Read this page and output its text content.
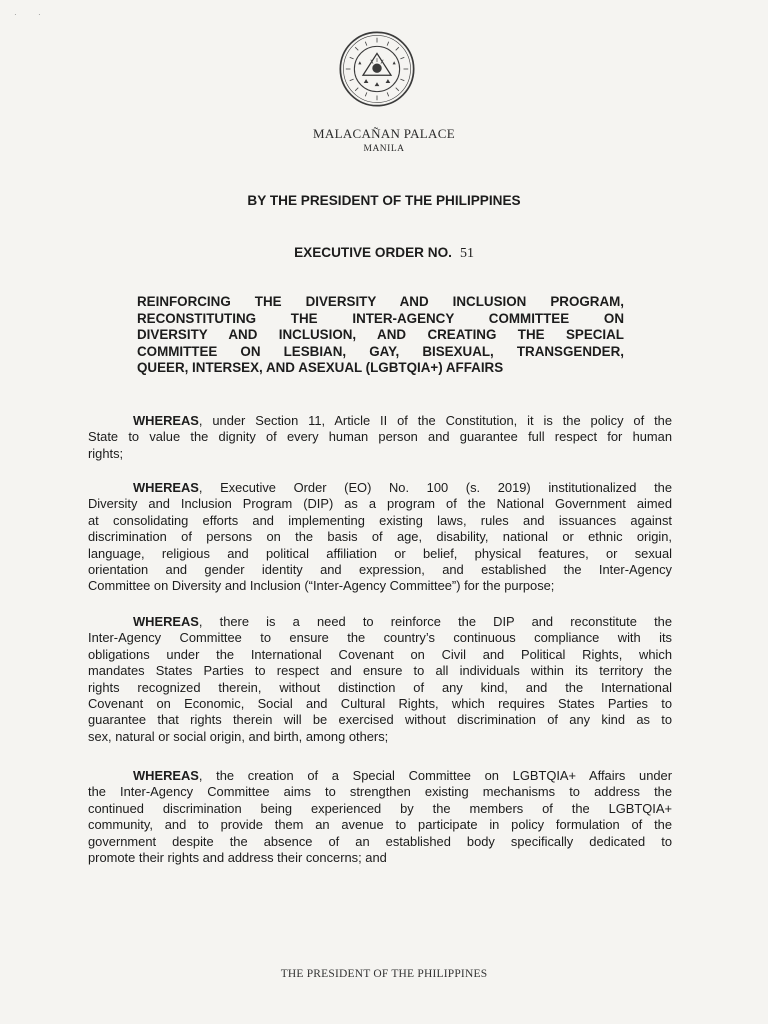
·	·
MALACAÑAN PALACE
MANILA
BY THE PRESIDENT OF THE PHILIPPINES
EXECUTIVE ORDER NO. 51
REINFORCING THE DIVERSITY AND INCLUSION PROGRAM,
RECONSTITUTING THE INTER-AGENCY COMMITTEE ON
DIVERSITY AND INCLUSION, AND CREATING THE SPECIAL
COMMITTEE ON LESBIAN, GAY, BISEXUAL, TRANSGENDER,
QUEER, INTERSEX, AND ASEXUAL (LGBTQIA+) AFFAIRS
WHEREAS, under Section 11, Article II of the Constitution, it is the policy of the
State to value the dignity of every human person and guarantee full respect for human
rights;
WHEREAS, Executive Order (EO) No. 100 (s. 2019) institutionalized the
Diversity and Inclusion Program (DIP) as a program of the National Government aimed
at consolidating efforts and implementing existing laws, rules and issuances against
discrimination of persons on the basis of age, disability, national or ethnic origin,
language, religious and political affiliation or belief, physical features, or sexual
orientation and gender identity and expression, and established the Inter-Agency
Committee on Diversity and Inclusion (“Inter-Agency Committee”) for the purpose;
WHEREAS, there is a need to reinforce the DIP and reconstitute the
Inter-Agency Committee to ensure the country’s continuous compliance with its
obligations under the International Covenant on Civil and Political Rights, which
mandates States Parties to respect and ensure to all individuals within its territory the
rights recognized therein, without distinction of any kind, and the International
Covenant on Economic, Social and Cultural Rights, which requires States Parties to
guarantee that rights therein will be exercised without discrimination of any kind as to
sex, natural or social origin, and birth, among others;
WHEREAS, the creation of a Special Committee on LGBTQIA+ Affairs under
the Inter-Agency Committee aims to strengthen existing mechanisms to address the
continued discrimination being experienced by the members of the LGBTQIA+
community, and to provide them an avenue to participate in policy formulation of the
government despite the absence of an established body specifically dedicated to
promote their rights and address their concerns; and
THE PRESIDENT OF THE PHILIPPINES
